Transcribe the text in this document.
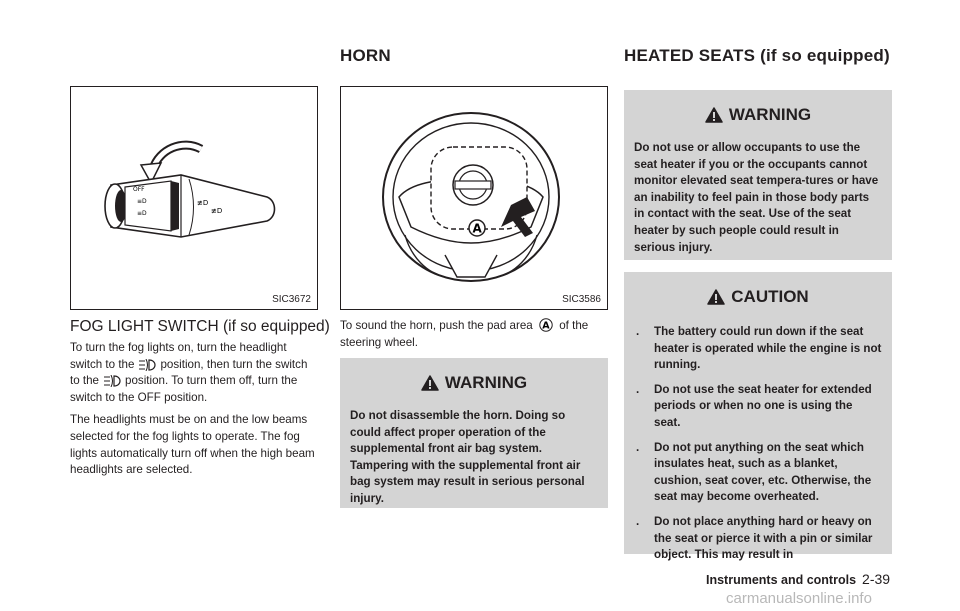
HORN	HEATED SEATS (if so equipped)
OFF
≡D
≡D
≢D
≢D
SIC3672
FOG LIGHT SWITCH (if so equipped)

To turn the fog lights on, turn the headlight switch to the position, then turn the switch to the position. To turn them off, turn the switch to the OFF position.

The headlights must be on and the low beams selected for the fog lights to operate. The fog lights automatically turn off when the high beam headlights are selected.

A
SIC3586
To sound the horn, push the pad area A of the steering wheel.
WARNING
Do not disassemble the horn. Doing so could affect proper operation of the supplemental front air bag system. Tampering with the supplemental front air bag system may result in serious personal injury.
WARNING
Do not use or allow occupants to use the seat heater if you or the occupants cannot monitor elevated seat tempera-tures or have an inability to feel pain in those body parts in contact with the seat. Use of the seat heater by such people could result in serious injury.
CAUTION
. The battery could run down if the seat heater is operated while the engine is not running.
. Do not use the seat heater for extended periods or when no one is using the seat.
. Do not put anything on the seat which insulates heat, such as a blanket, cushion, seat cover, etc. Otherwise, the seat may become overheated.
. Do not place anything hard or heavy on the seat or pierce it with a pin or similar object. This may result in
Instruments and controls 2-39
carmanualsonline.info
